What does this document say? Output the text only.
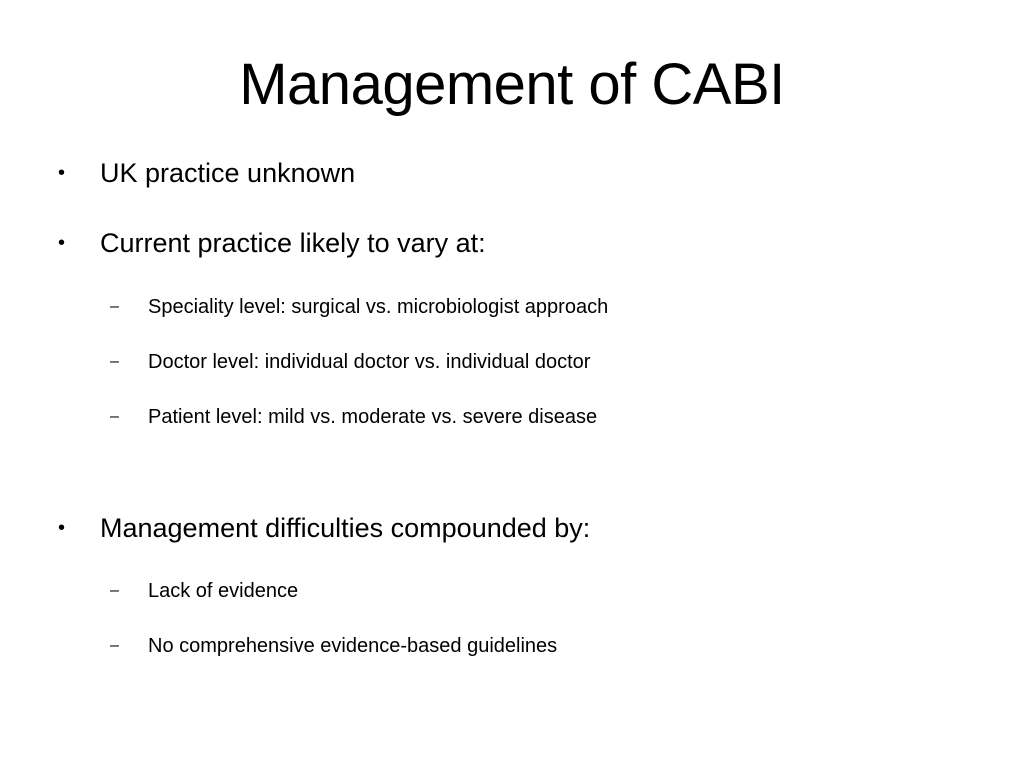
Management of CABI
• UK practice unknown
• Current practice likely to vary at:
– Speciality level: surgical vs. microbiologist approach
– Doctor level: individual doctor vs. individual doctor
– Patient level: mild vs. moderate vs. severe disease
• Management difficulties compounded by:
– Lack of evidence
– No comprehensive evidence-based guidelines
